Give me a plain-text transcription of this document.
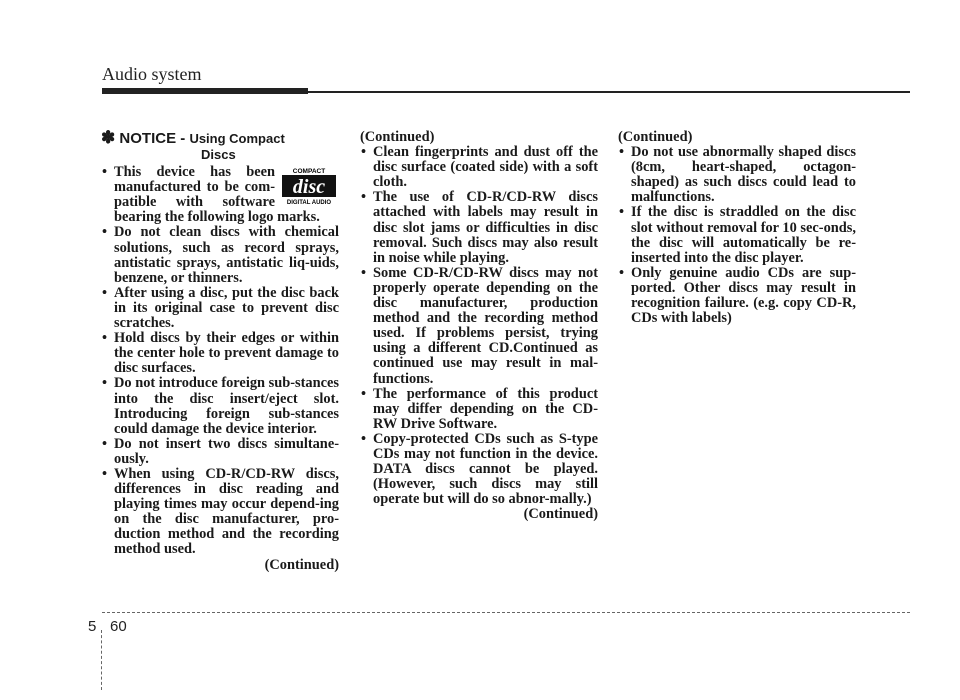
Audio system
✽ NOTICE - Using Compact
Discs
• COMPACT
disc
DIGITAL AUDIO
This device has been manufactured to be com-patible with software bearing the following logo marks.
• Do not clean discs with chemical solutions, such as record sprays, antistatic sprays, antistatic liq-uids, benzene, or thinners.
• After using a disc, put the disc back in its original case to prevent disc scratches.
• Hold discs by their edges or within the center hole to prevent damage to disc surfaces.
• Do not introduce foreign sub-stances into the disc insert/eject slot. Introducing foreign sub-stances could damage the device interior.
• Do not insert two discs simultane-ously.
• When using CD-R/CD-RW discs, differences in disc reading and playing times may occur depend-ing on the disc manufacturer, pro-duction method and the recording method used.
(Continued)
(Continued)
• Clean fingerprints and dust off the disc surface (coated side) with a soft cloth.
• The use of CD-R/CD-RW discs attached with labels may result in disc slot jams or difficulties in disc removal. Such discs may also result in noise while playing.
• Some CD-R/CD-RW discs may not properly operate depending on the disc manufacturer, production method and the recording method used. If problems persist, trying using a different CD.Continued as continued use may result in mal-functions.
• The performance of this product may differ depending on the CD-RW Drive Software.
• Copy-protected CDs such as S-type CDs may not function in the device. DATA discs cannot be played. (However, such discs may still operate but will do so abnor-mally.)
(Continued)
(Continued)
• Do not use abnormally shaped discs (8cm, heart-shaped, octagon-shaped) as such discs could lead to malfunctions.
• If the disc is straddled on the disc slot without removal for 10 sec-onds, the disc will automatically be re-inserted into the disc player.
• Only genuine audio CDs are sup-ported. Other discs may result in recognition failure. (e.g. copy CD-R, CDs with labels)
5 60
